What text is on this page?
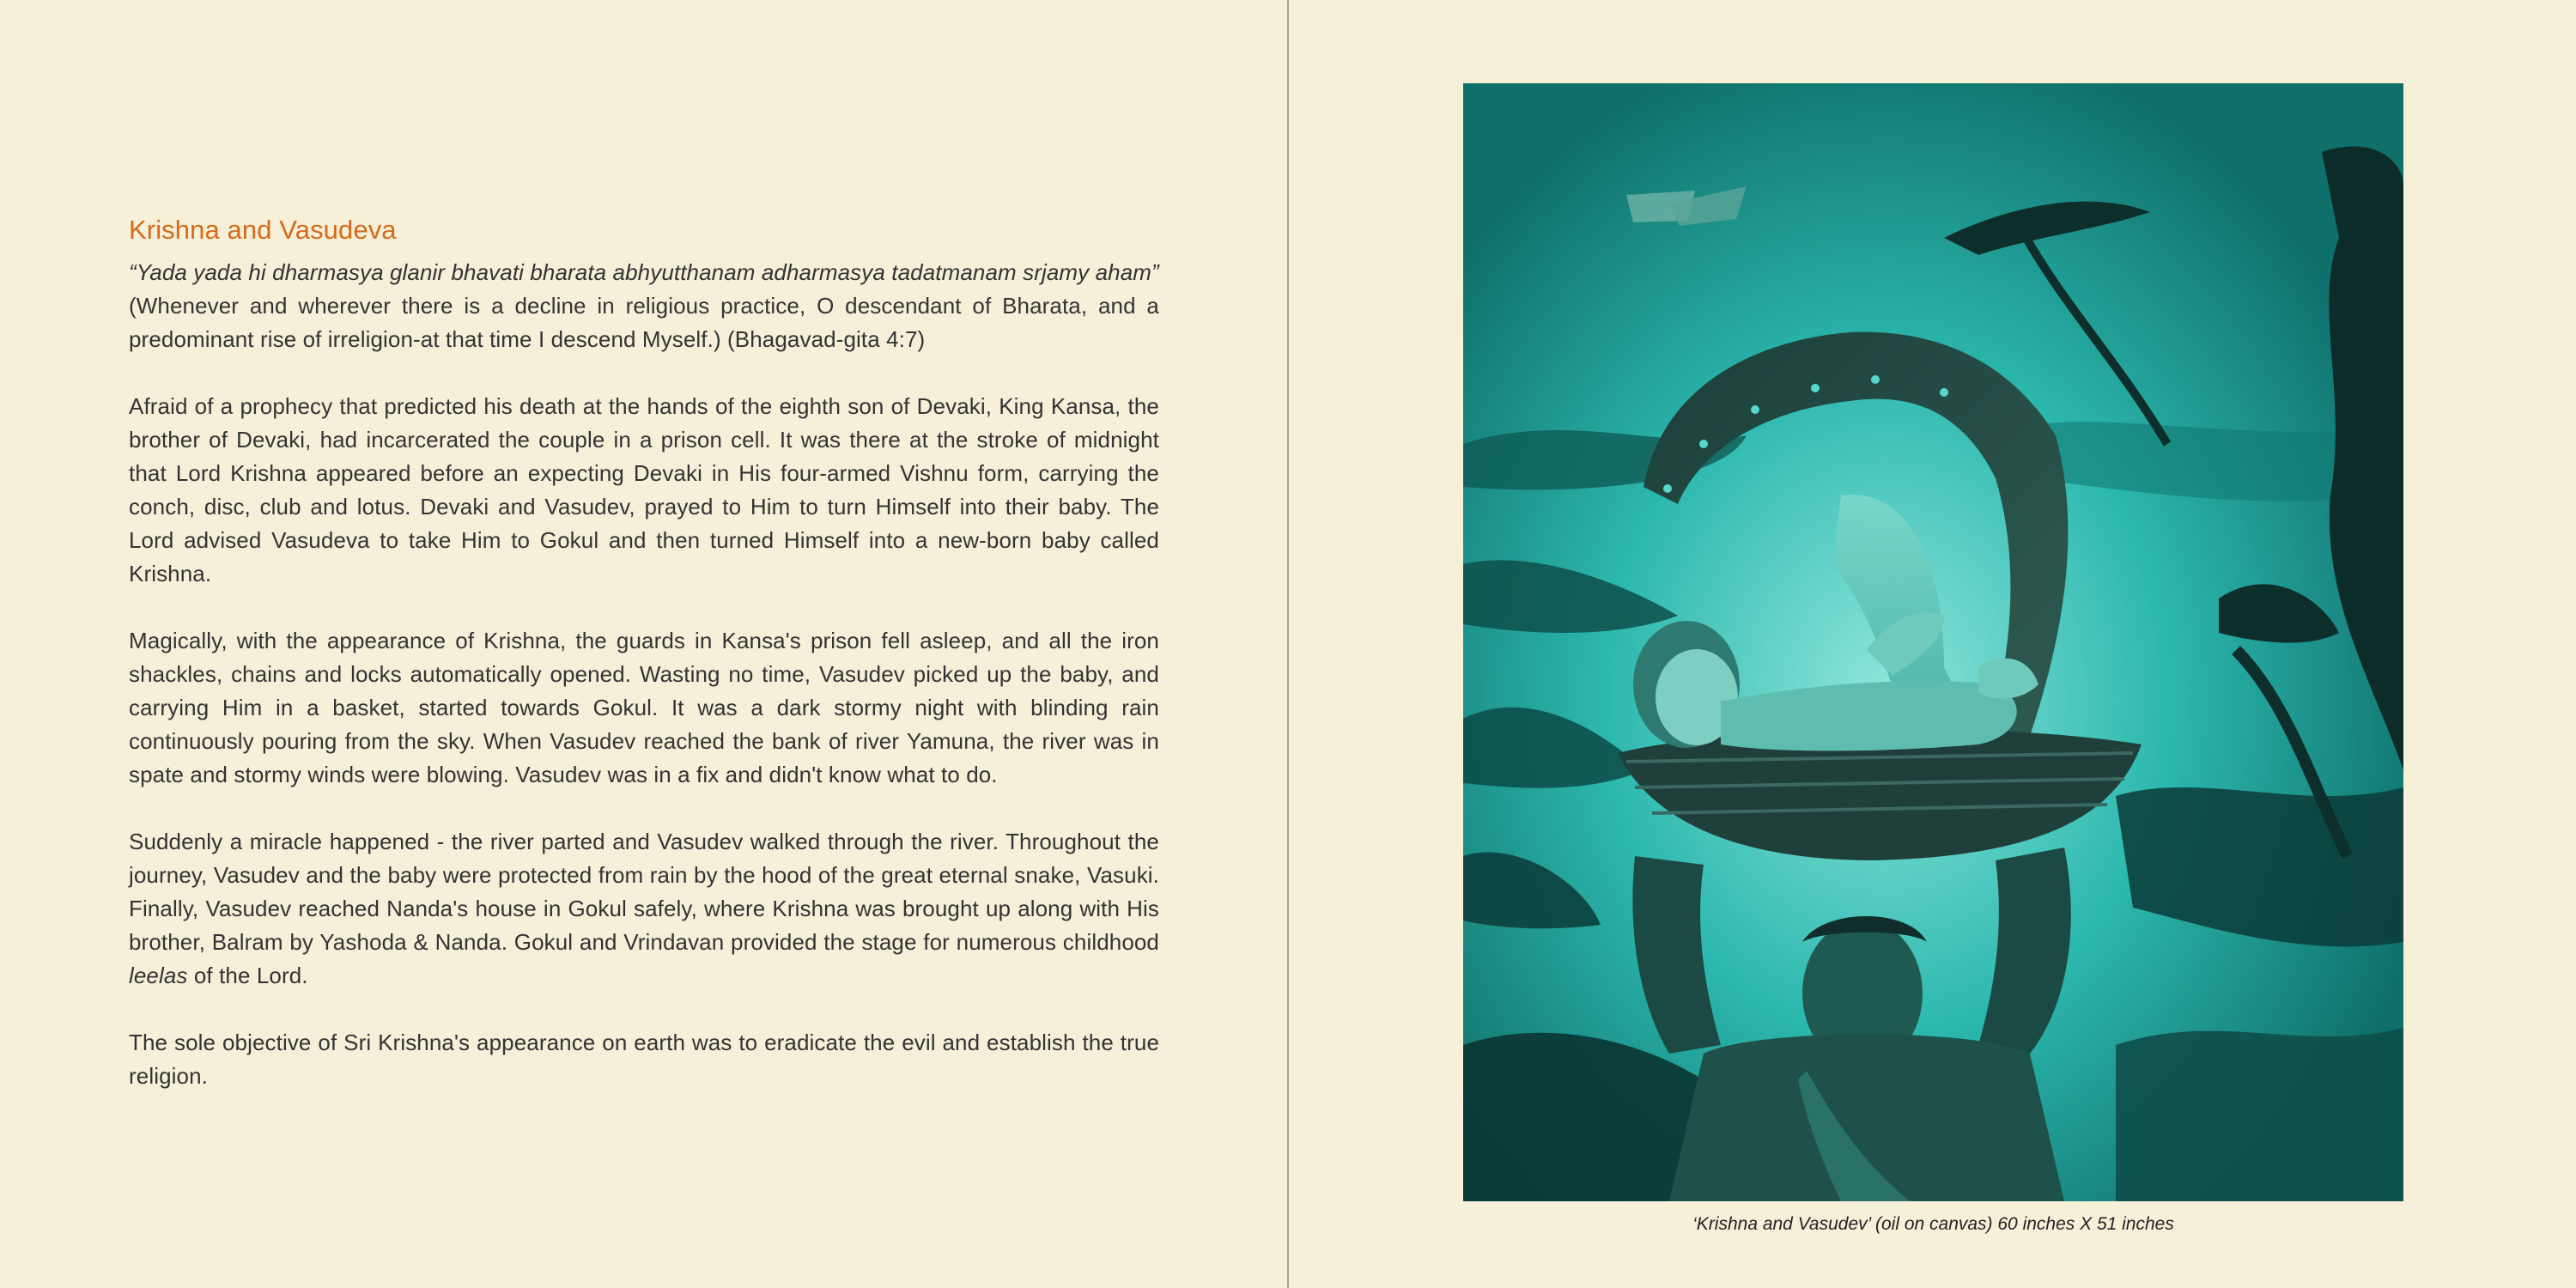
Krishna and Vasudeva

“Yada yada hi dharmasya glanir bhavati bharata abhyutthanam adharmasya tadatmanam srjamy aham”

(Whenever and wherever there is a decline in religious practice, O descendant of Bharata, and a predominant rise of irreligion-at that time I descend Myself.) (Bhagavad-gita 4:7)

Afraid of a prophecy that predicted his death at the hands of the eighth son of Devaki, King Kansa, the brother of Devaki, had incarcerated the couple in a prison cell. It was there at the stroke of midnight that Lord Krishna appeared before an expecting Devaki in His four-armed Vishnu form, carrying the conch, disc, club and lotus. Devaki and Vasudev, prayed to Him to turn Himself into their baby. The Lord advised Vasudeva to take Him to Gokul and then turned Himself into a new-born baby called Krishna.

Magically, with the appearance of Krishna, the guards in Kansa's prison fell asleep, and all the iron shackles, chains and locks automatically opened. Wasting no time, Vasudev picked up the baby, and carrying Him in a basket, started towards Gokul. It was a dark stormy night with blinding rain continuously pouring from the sky. When Vasudev reached the bank of river Yamuna, the river was in spate and stormy winds were blowing. Vasudev was in a fix and didn't know what to do.

Suddenly a miracle happened - the river parted and Vasudev walked through the river. Throughout the journey, Vasudev and the baby were protected from rain by the hood of the great eternal snake, Vasuki. Finally, Vasudev reached Nanda's house in Gokul safely, where Krishna was brought up along with His brother, Balram by Yashoda & Nanda. Gokul and Vrindavan provided the stage for numerous childhood leelas of the Lord.

The sole objective of Sri Krishna's appearance on earth was to eradicate the evil and establish the true religion.

‘Krishna and Vasudev’ (oil on canvas) 60 inches X 51 inches
